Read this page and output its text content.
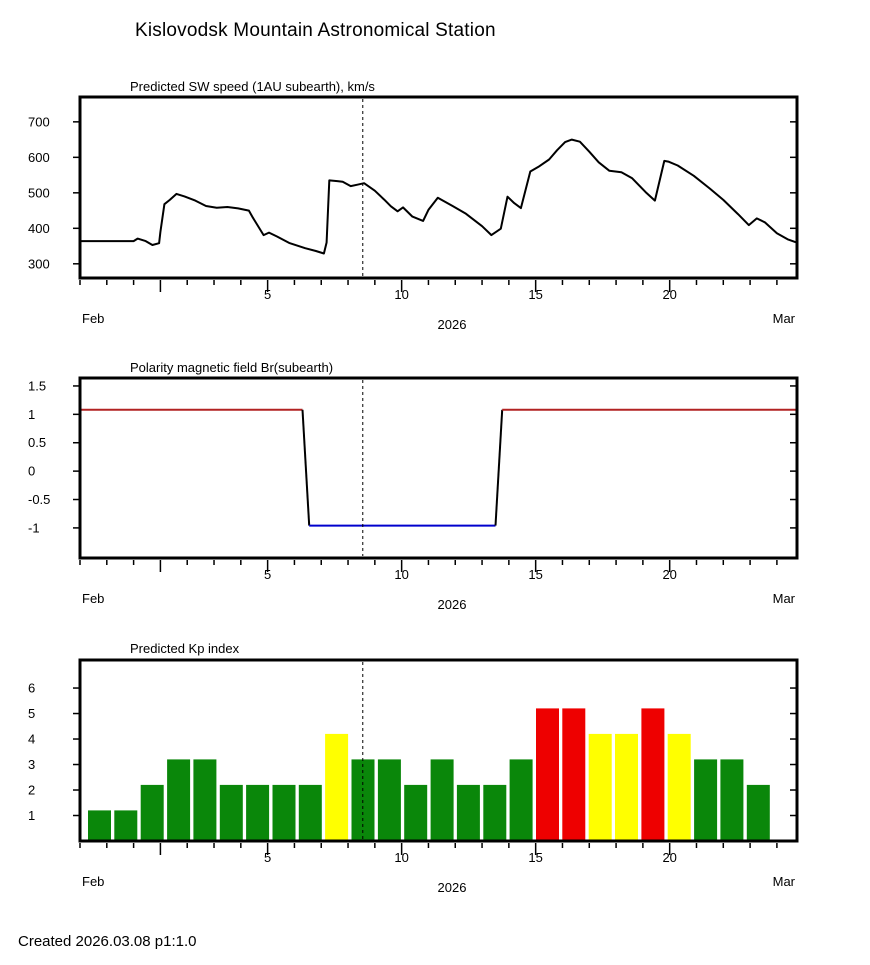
Kislovodsk Mountain Astronomical Station
Predicted SW speed (1AU subearth), km/s
Polarity magnetic field Br(subearth)
Predicted Kp index
300
400
500
600
700
5	10	15	20
Feb	Mar
2026
1.5
1
0.5
0
-0.5
-1
5	10	15	20
Feb	Mar
2026
1
2
3
4
5
6
5	10	15	20
Feb	Mar
2026
Created 2026.03.08 p1:1.0
